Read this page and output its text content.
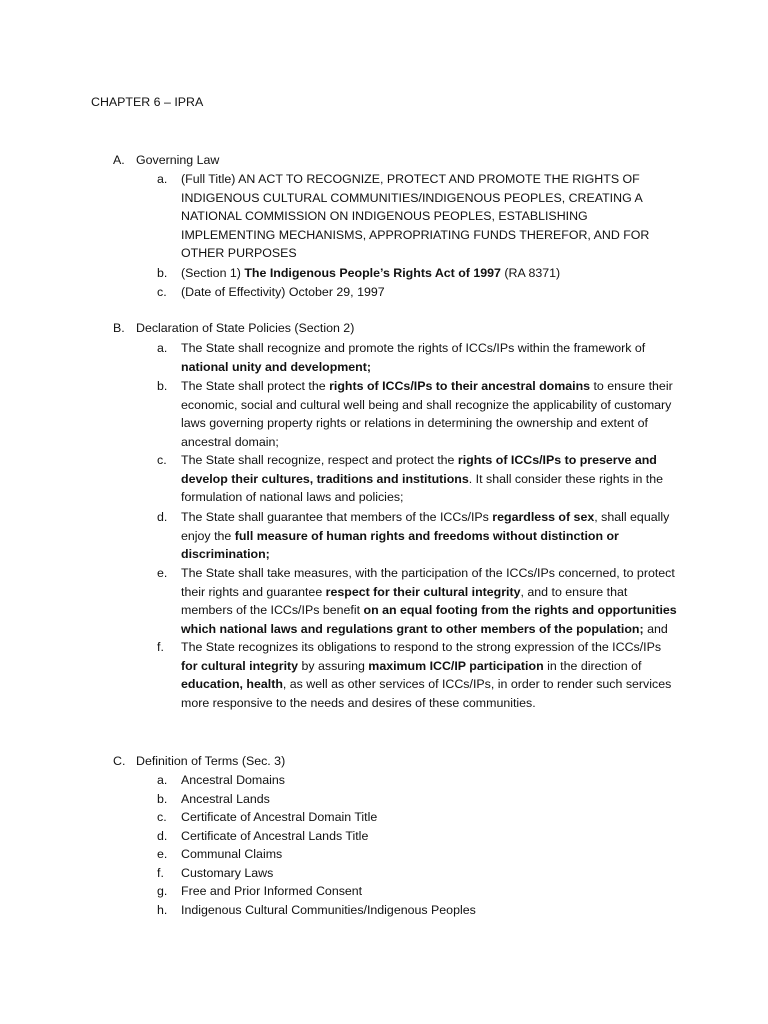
CHAPTER 6 – IPRA
A. Governing Law
a.	(Full Title) AN ACT TO RECOGNIZE, PROTECT AND PROMOTE THE RIGHTS OF INDIGENOUS CULTURAL COMMUNITIES/INDIGENOUS PEOPLES, CREATING A NATIONAL COMMISSION ON INDIGENOUS PEOPLES, ESTABLISHING IMPLEMENTING MECHANISMS, APPROPRIATING FUNDS THEREFOR, AND FOR OTHER PURPOSES
b.	(Section 1) The Indigenous People’s Rights Act of 1997 (RA 8371)
c.	(Date of Effectivity) October 29, 1997
B. Declaration of State Policies (Section 2)
a.	The State shall recognize and promote the rights of ICCs/IPs within the framework of national unity and development;
b.	The State shall protect the rights of ICCs/IPs to their ancestral domains to ensure their economic, social and cultural well being and shall recognize the applicability of customary laws governing property rights or relations in determining the ownership and extent of ancestral domain;
c.	The State shall recognize, respect and protect the rights of ICCs/IPs to preserve and develop their cultures, traditions and institutions. It shall consider these rights in the formulation of national laws and policies;
d.	The State shall guarantee that members of the ICCs/IPs regardless of sex, shall equally enjoy the full measure of human rights and freedoms without distinction or discrimination;
e.	The State shall take measures, with the participation of the ICCs/IPs concerned, to protect their rights and guarantee respect for their cultural integrity, and to ensure that members of the ICCs/IPs benefit on an equal footing from the rights and opportunities which national laws and regulations grant to other members of the population; and
f.	The State recognizes its obligations to respond to the strong expression of the ICCs/IPs for cultural integrity by assuring maximum ICC/IP participation in the direction of education, health, as well as other services of ICCs/IPs, in order to render such services more responsive to the needs and desires of these communities.
C. Definition of Terms (Sec. 3)
a.	Ancestral Domains
b.	Ancestral Lands
c.	Certificate of Ancestral Domain Title
d.	Certificate of Ancestral Lands Title
e.	Communal Claims
f.	Customary Laws
g.	Free and Prior Informed Consent
h.	Indigenous Cultural Communities/Indigenous Peoples
